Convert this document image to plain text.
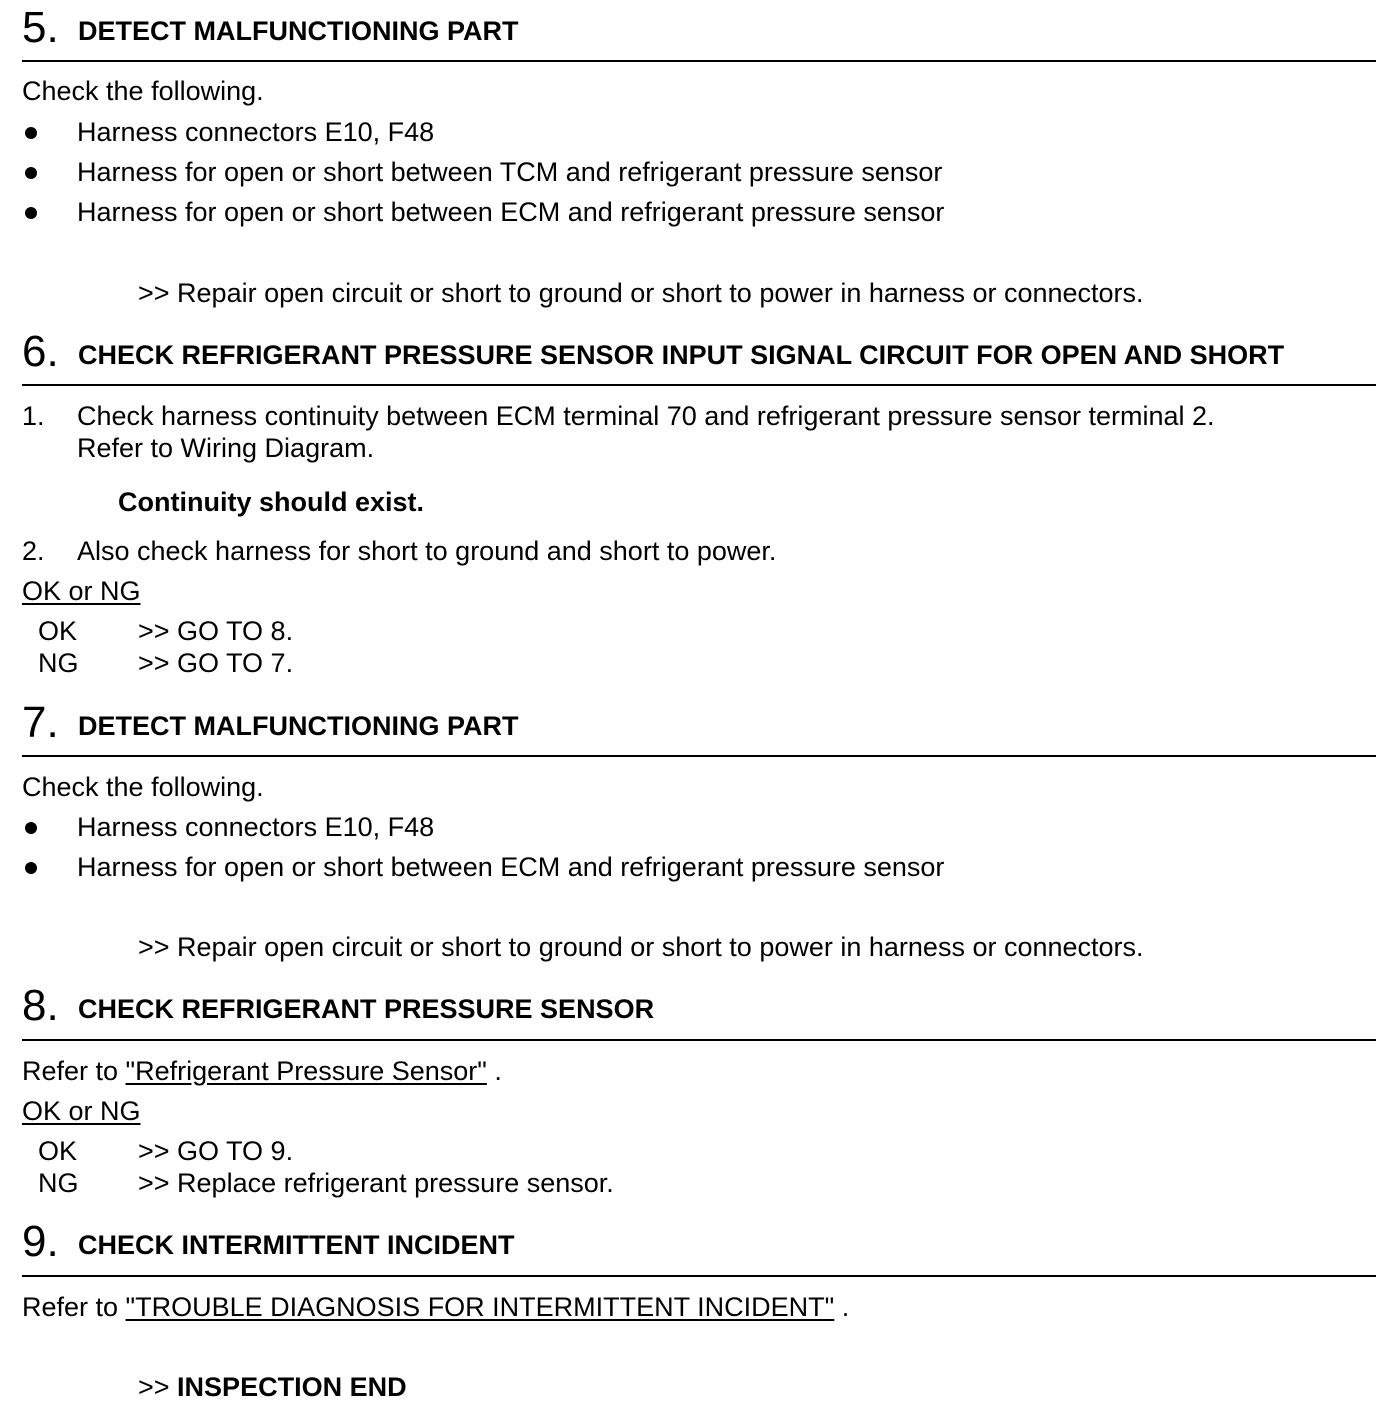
5. DETECT MALFUNCTIONING PART
Check the following.
Harness connectors E10, F48
Harness for open or short between TCM and refrigerant pressure sensor
Harness for open or short between ECM and refrigerant pressure sensor
>> Repair open circuit or short to ground or short to power in harness or connectors.
6. CHECK REFRIGERANT PRESSURE SENSOR INPUT SIGNAL CIRCUIT FOR OPEN AND SHORT
1. Check harness continuity between ECM terminal 70 and refrigerant pressure sensor terminal 2.
Refer to Wiring Diagram.
Continuity should exist.
2. Also check harness for short to ground and short to power.
OK or NG
OK >> GO TO 8.
NG >> GO TO 7.
7. DETECT MALFUNCTIONING PART
Check the following.
Harness connectors E10, F48
Harness for open or short between ECM and refrigerant pressure sensor
>> Repair open circuit or short to ground or short to power in harness or connectors.
8. CHECK REFRIGERANT PRESSURE SENSOR
Refer to "Refrigerant Pressure Sensor" .
OK or NG
OK >> GO TO 9.
NG >> Replace refrigerant pressure sensor.
9. CHECK INTERMITTENT INCIDENT
Refer to "TROUBLE DIAGNOSIS FOR INTERMITTENT INCIDENT" .
>> INSPECTION END
